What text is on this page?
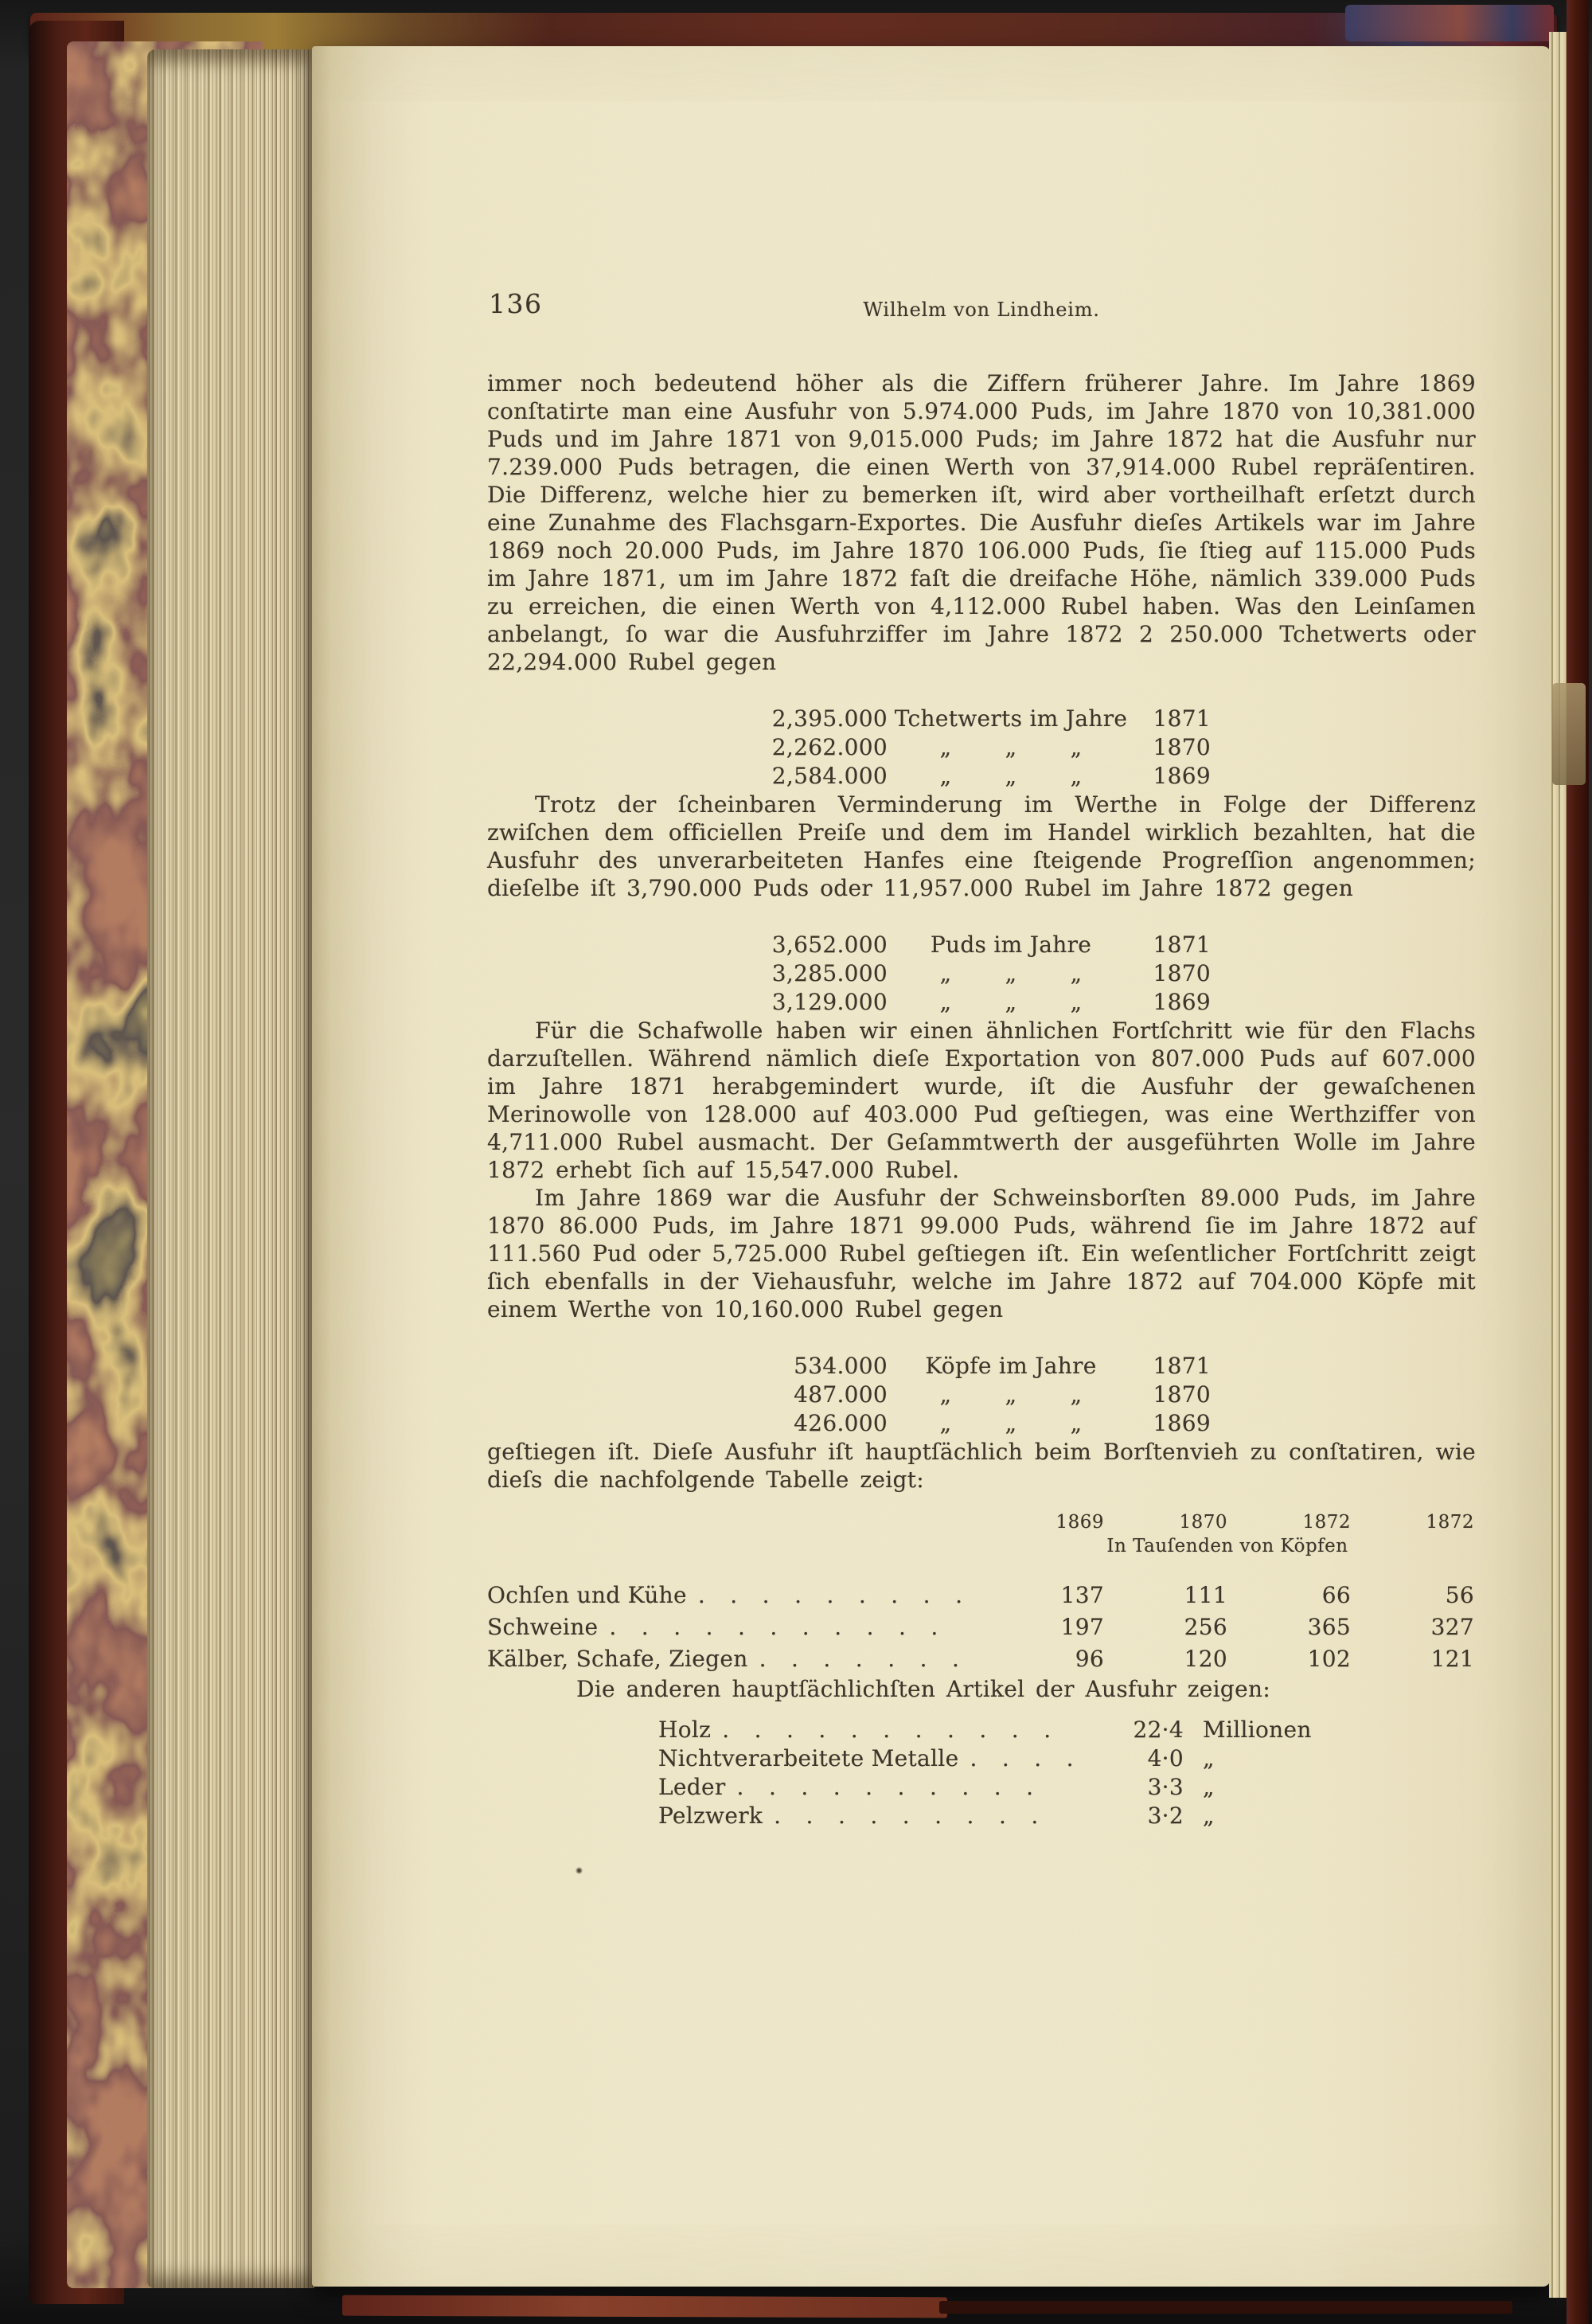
136	Wilhelm von Lindheim.

immer noch bedeutend höher als die Ziffern früherer Jahre. Im Jahre 1869 conſtatirte man eine Ausfuhr von 5.974.000 Puds, im Jahre 1870 von 10,381.000 Puds und im Jahre 1871 von 9,015.000 Puds; im Jahre 1872 hat die Ausfuhr nur 7.239.000 Puds betragen, die einen Werth von 37,914.000 Rubel repräſentiren. Die Differenz, welche hier zu bemerken iſt, wird aber vortheilhaft erſetzt durch eine Zunahme des Flachsgarn-Exportes. Die Ausfuhr dieſes Artikels war im Jahre 1869 noch 20.000 Puds, im Jahre 1870 106.000 Puds, ſie ſtieg auf 115.000 Puds im Jahre 1871, um im Jahre 1872 faſt die dreifache Höhe, nämlich 339.000 Puds zu erreichen, die einen Werth von 4,112.000 Rubel haben. Was den Leinſamen anbelangt, ſo war die Ausfuhrziffer im Jahre 1872 2 250.000 Tchetwerts oder 22,294.000 Rubel gegen

2,395.000 Tchetwerts im Jahre	1871
2,262.000	„ „ „	1870
2,584.000	„ „ „	1869

Trotz der ſcheinbaren Verminderung im Werthe in Folge der Differenz zwiſchen dem officiellen Preiſe und dem im Handel wirklich bezahlten, hat die Ausfuhr des unverarbeiteten Hanfes eine ſteigende Progreſſion angenommen; dieſelbe iſt 3,790.000 Puds oder 11,957.000 Rubel im Jahre 1872 gegen

3,652.000	Puds im Jahre	1871
3,285.000	„ „ „	1870
3,129.000	„ „ „	1869

Für die Schafwolle haben wir einen ähnlichen Fortſchritt wie für den Flachs darzuſtellen. Während nämlich dieſe Exportation von 807.000 Puds auf 607.000 im Jahre 1871 herabgemindert wurde, iſt die Ausfuhr der gewaſchenen Merinowolle von 128.000 auf 403.000 Pud geſtiegen, was eine Werthziffer von 4,711.000 Rubel ausmacht. Der Geſammtwerth der ausgeführten Wolle im Jahre 1872 erhebt ſich auf 15,547.000 Rubel.

Im Jahre 1869 war die Ausfuhr der Schweinsborſten 89.000 Puds, im Jahre 1870 86.000 Puds, im Jahre 1871 99.000 Puds, während ſie im Jahre 1872 auf 111.560 Pud oder 5,725.000 Rubel geſtiegen iſt. Ein weſentlicher Fortſchritt zeigt ſich ebenfalls in der Viehausfuhr, welche im Jahre 1872 auf 704.000 Köpfe mit einem Werthe von 10,160.000 Rubel gegen

534.000	Köpfe im Jahre	1871
487.000	„ „ „	1870
426.000	„ „ „	1869

geſtiegen iſt. Dieſe Ausfuhr iſt hauptſächlich beim Borſtenvieh zu conſtatiren, wie dieſs die nachfolgende Tabelle zeigt:

1869	1870	1872	1872
In Tauſenden von Köpfen
Ochſen und Kühe . . . . . . . . .	137	111	66	56
Schweine . . . . . . . . . . .	197	256	365	327
Kälber, Schafe, Ziegen . . . . . . .	96	120	102	121

Die anderen hauptſächlichſten Artikel der Ausfuhr zeigen:

Holz . . . . . . . . . . .	22·4 Millionen
Nichtverarbeitete Metalle . . . .	4·0 „
Leder . . . . . . . . . .	3·3 „
Pelzwerk . . . . . . . . .	3·2 „
